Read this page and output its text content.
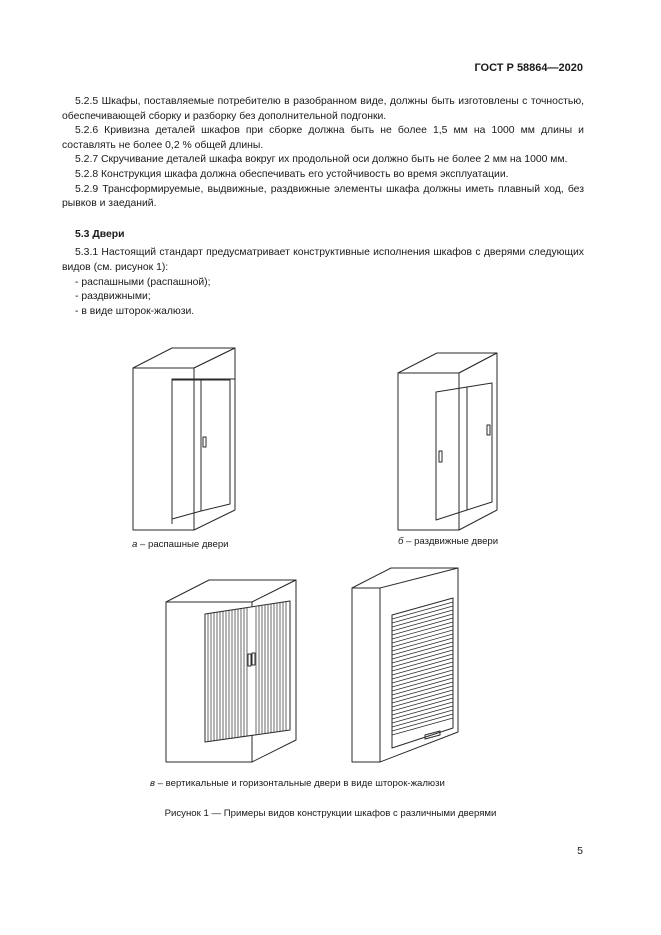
ГОСТ Р 58864—2020

5.2.5 Шкафы, поставляемые потребителю в разобранном виде, должны быть изготовлены с точностью, обеспечивающей сборку и разборку без дополнительной подгонки.

5.2.6 Кривизна деталей шкафов при сборке должна быть не более 1,5 мм на 1000 мм длины и составлять не более 0,2 % общей длины.

5.2.7 Скручивание деталей шкафа вокруг их продольной оси должно быть не более 2 мм на 1000 мм.

5.2.8 Конструкция шкафа должна обеспечивать его устойчивость во время эксплуатации.

5.2.9 Трансформируемые, выдвижные, раздвижные элементы шкафа должны иметь плавный ход, без рывков и заеданий.

5.3 Двери

5.3.1 Настоящий стандарт предусматривает конструктивные исполнения шкафов с дверями следующих видов (см. рисунок 1):

- распашными (распашной);

- раздвижными;

- в виде шторок-жалюзи.

а – распашные двери	б – раздвижные двери
в – вертикальные и горизонтальные двери в виде шторок-жалюзи
Рисунок 1 — Примеры видов конструкции шкафов с различными дверями
5
